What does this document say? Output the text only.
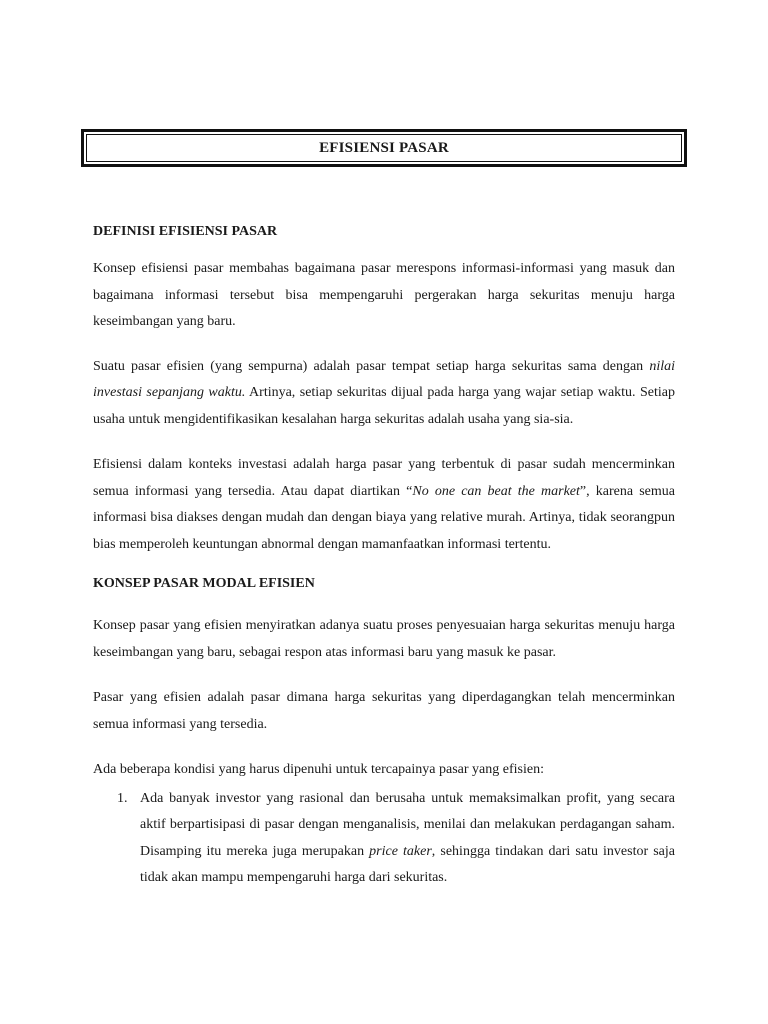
EFISIENSI PASAR
DEFINISI EFISIENSI PASAR

Konsep efisiensi pasar membahas bagaimana pasar merespons informasi-informasi yang masuk dan bagaimana informasi tersebut bisa mempengaruhi pergerakan harga sekuritas menuju harga keseimbangan yang baru.

Suatu pasar efisien (yang sempurna) adalah pasar tempat setiap harga sekuritas sama dengan nilai investasi sepanjang waktu. Artinya, setiap sekuritas dijual pada harga yang wajar setiap waktu. Setiap usaha untuk mengidentifikasikan kesalahan harga sekuritas adalah usaha yang sia-sia.

Efisiensi dalam konteks investasi adalah harga pasar yang terbentuk di pasar sudah mencerminkan semua informasi yang tersedia. Atau dapat diartikan “No one can beat the market”, karena semua informasi bisa diakses dengan mudah dan dengan biaya yang relative murah. Artinya, tidak seorangpun bias memperoleh keuntungan abnormal dengan mamanfaatkan informasi tertentu.

KONSEP PASAR MODAL EFISIEN

Konsep pasar yang efisien menyiratkan adanya suatu proses penyesuaian harga sekuritas menuju harga keseimbangan yang baru, sebagai respon atas informasi baru yang masuk ke pasar.

Pasar yang efisien adalah pasar dimana harga sekuritas yang diperdagangkan telah mencerminkan semua informasi yang tersedia.

Ada beberapa kondisi yang harus dipenuhi untuk tercapainya pasar yang efisien:

1. Ada banyak investor yang rasional dan berusaha untuk memaksimalkan profit, yang secara aktif berpartisipasi di pasar dengan menganalisis, menilai dan melakukan perdagangan saham. Disamping itu mereka juga merupakan price taker, sehingga tindakan dari satu investor saja tidak akan mampu mempengaruhi harga dari sekuritas.
